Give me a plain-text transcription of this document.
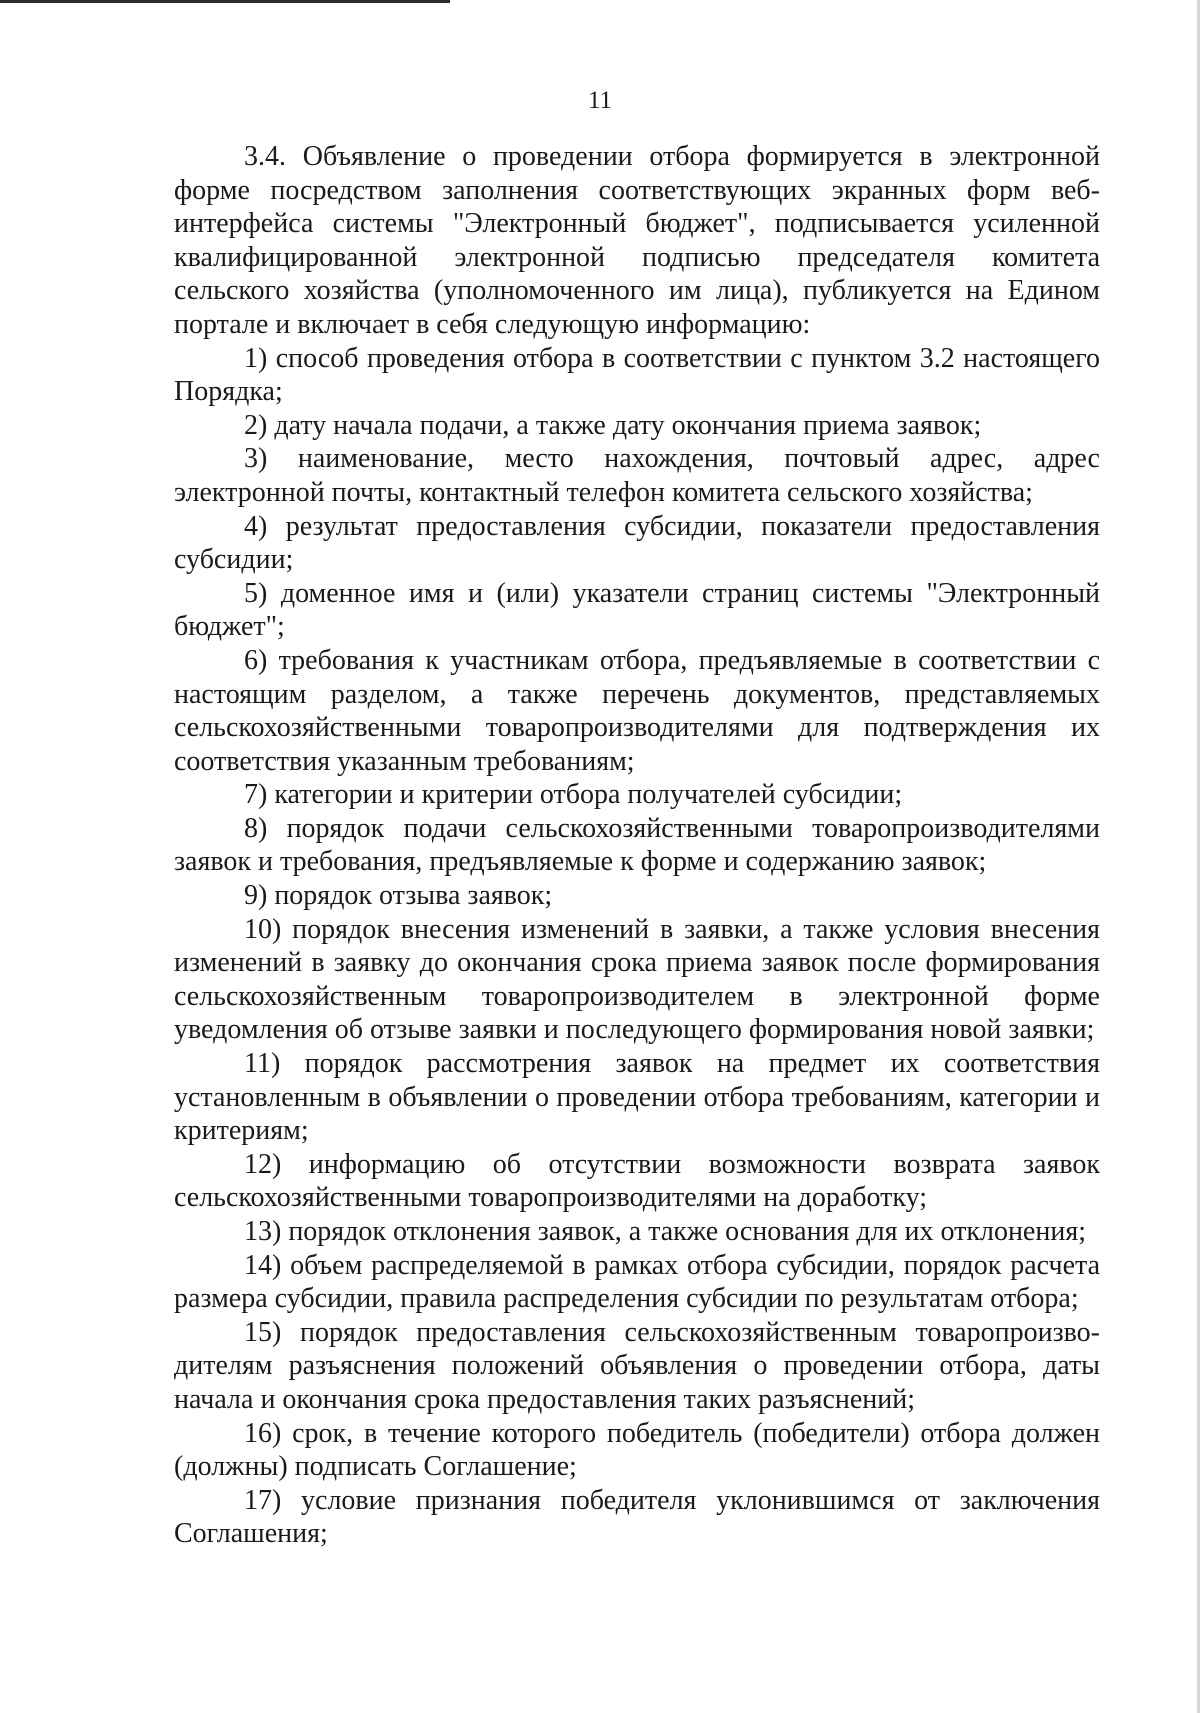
11

3.4. Объявление о проведении отбора формируется в электронной форме посредством заполнения соответствующих экранных форм веб-интерфейса системы "Электронный бюджет", подписывается усиленной квалифицированной электронной подписью председателя комитета сельского хозяйства (уполномоченного им лица), публикуется на Едином портале и включает в себя следующую информацию:

1) способ проведения отбора в соответствии с пунктом 3.2 настоящего Порядка;

2) дату начала подачи, а также дату окончания приема заявок;

3) наименование, место нахождения, почтовый адрес, адрес электронной почты, контактный телефон комитета сельского хозяйства;

4) результат предоставления субсидии, показатели предоставления субсидии;

5) доменное имя и (или) указатели страниц системы "Электронный бюджет";

6) требования к участникам отбора, предъявляемые в соответствии с настоящим разделом, а также перечень документов, представляемых сельскохозяйственными товаропроизводителями для подтверждения их соответствия указанным требованиям;

7) категории и критерии отбора получателей субсидии;

8) порядок подачи сельскохозяйственными товаропроизводителями заявок и требования, предъявляемые к форме и содержанию заявок;

9) порядок отзыва заявок;

10) порядок внесения изменений в заявки, а также условия внесения изменений в заявку до окончания срока приема заявок после формирования сельскохозяйственным товаропроизводителем в электронной форме уведомления об отзыве заявки и последующего формирования новой заявки;

11) порядок рассмотрения заявок на предмет их соответствия установленным в объявлении о проведении отбора требованиям, категории и критериям;

12) информацию об отсутствии возможности возврата заявок сельскохозяйственными товаропроизводителями на доработку;

13) порядок отклонения заявок, а также основания для их отклонения;

14) объем распределяемой в рамках отбора субсидии, порядок расчета размера субсидии, правила распределения субсидии по результатам отбора;

15) порядок предоставления сельскохозяйственным товаропроизво-дителям разъяснения положений объявления о проведении отбора, даты начала и окончания срока предоставления таких разъяснений;

16) срок, в течение которого победитель (победители) отбора должен (должны) подписать Соглашение;

17) условие признания победителя уклонившимся от заключения Соглашения;
